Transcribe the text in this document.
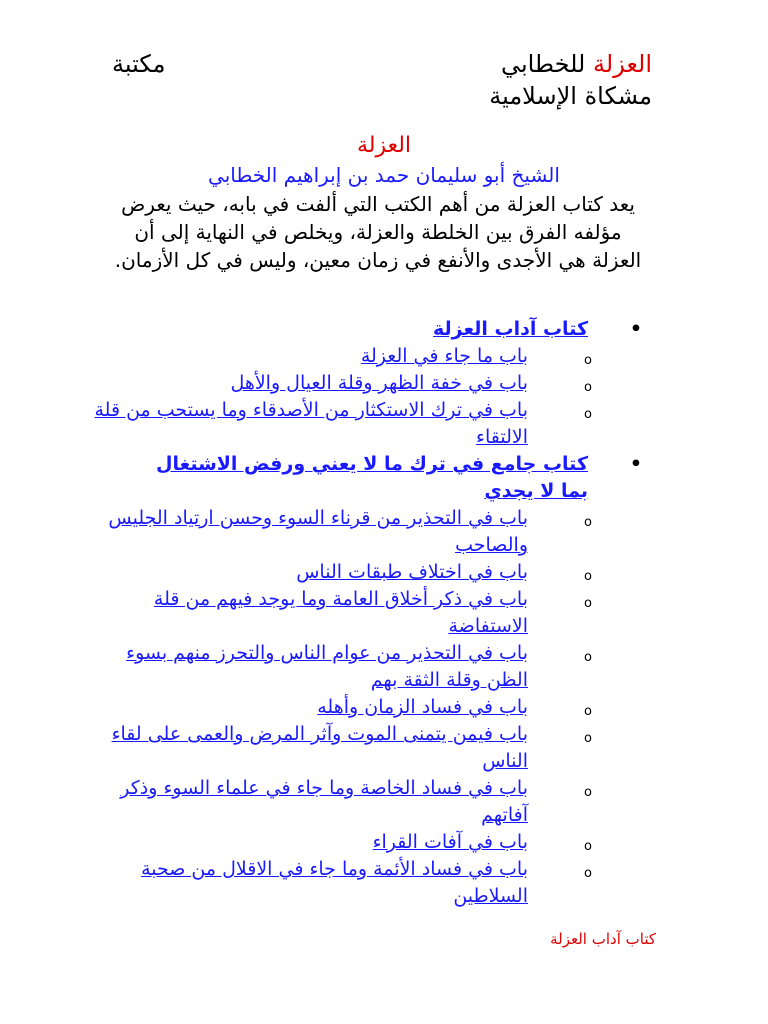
العزلة للخطابي
مكتبة
مشكاة الإسلامية
العزلة
الشيخ أبو سليمان حمد بن إبراهيم الخطابي
يعد كتاب العزلة من أهم الكتب التي ألفت في بابه، حيث يعرض مؤلفه الفرق بين الخلطة والعزلة، ويخلص في النهاية إلى أن العزلة هي الأجدى والأنفع في زمان معين، وليس في كل الأزمان.
•
كتاب آداب العزلة
o
باب ما جاء في العزلة
o
باب في خفة الظهر وقلة العيال والأهل
o
باب في ترك الاستكثار من الأصدقاء وما يستحب من قلة الالتقاء
•
كتاب جامع في ترك ما لا يعني ورفض الاشتغال بما لا يجدي
o
باب في التحذير من قرناء السوء وحسن ارتياد الجليس والصاحب
o
باب في اختلاف طبقات الناس
o
باب في ذكر أخلاق العامة وما يوجد فيهم من قلة الاستفاضة
o
باب في التحذير من عوام الناس والتحرز منهم بسوء الظن وقلة الثقة بهم
o
باب في فساد الزمان وأهله
o
باب فيمن يتمنى الموت وآثر المرض والعمى على لقاء الناس
o
باب في فساد الخاصة وما جاء في علماء السوء وذكر آفاتهم
o
باب في آفات القراء
o
باب في فساد الأئمة وما جاء في الاقلال من صحبة السلاطين
كتاب آداب العزلة
